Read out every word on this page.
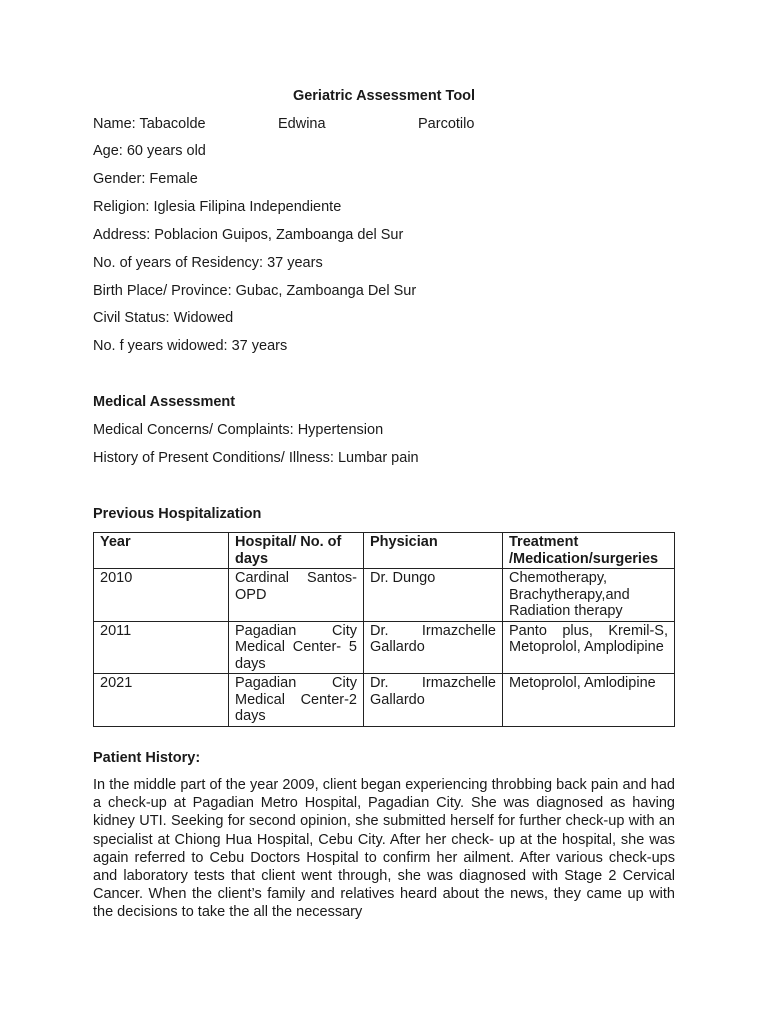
Geriatric Assessment Tool
Name: Tabacolde	Edwina	Parcotilo
Age: 60 years old
Gender: Female
Religion: Iglesia Filipina Independiente
Address: Poblacion Guipos, Zamboanga del Sur
No. of years of Residency: 37 years
Birth Place/ Province: Gubac, Zamboanga Del Sur
Civil Status: Widowed
No. f years widowed: 37 years
Medical Assessment
Medical Concerns/ Complaints: Hypertension
History of Present Conditions/ Illness: Lumbar pain
Previous Hospitalization
Year	Hospital/ No. of days	Physician	Treatment /Medication/surgeries
2010	Cardinal Santos-OPD	Dr. Dungo	Chemotherapy, Brachytherapy,and Radiation therapy
2011	Pagadian City Medical Center- 5 days	Dr. Irmazchelle Gallardo	Panto plus, Kremil-S, Metoprolol, Amplodipine
2021	Pagadian City Medical Center-2 days	Dr. Irmazchelle Gallardo	Metoprolol, Amlodipine
Patient History:
In the middle part of the year 2009, client began experiencing throbbing back pain and had a check-up at Pagadian Metro Hospital, Pagadian City. She was diagnosed as having kidney UTI. Seeking for second opinion, she submitted herself for further check-up with an specialist at Chiong Hua Hospital, Cebu City. After her check- up at the hospital, she was again referred to Cebu Doctors Hospital to confirm her ailment. After various check-ups and laboratory tests that client went through, she was diagnosed with Stage 2 Cervical Cancer. When the client’s family and relatives heard about the news, they came up with the decisions to take the all the necessary
